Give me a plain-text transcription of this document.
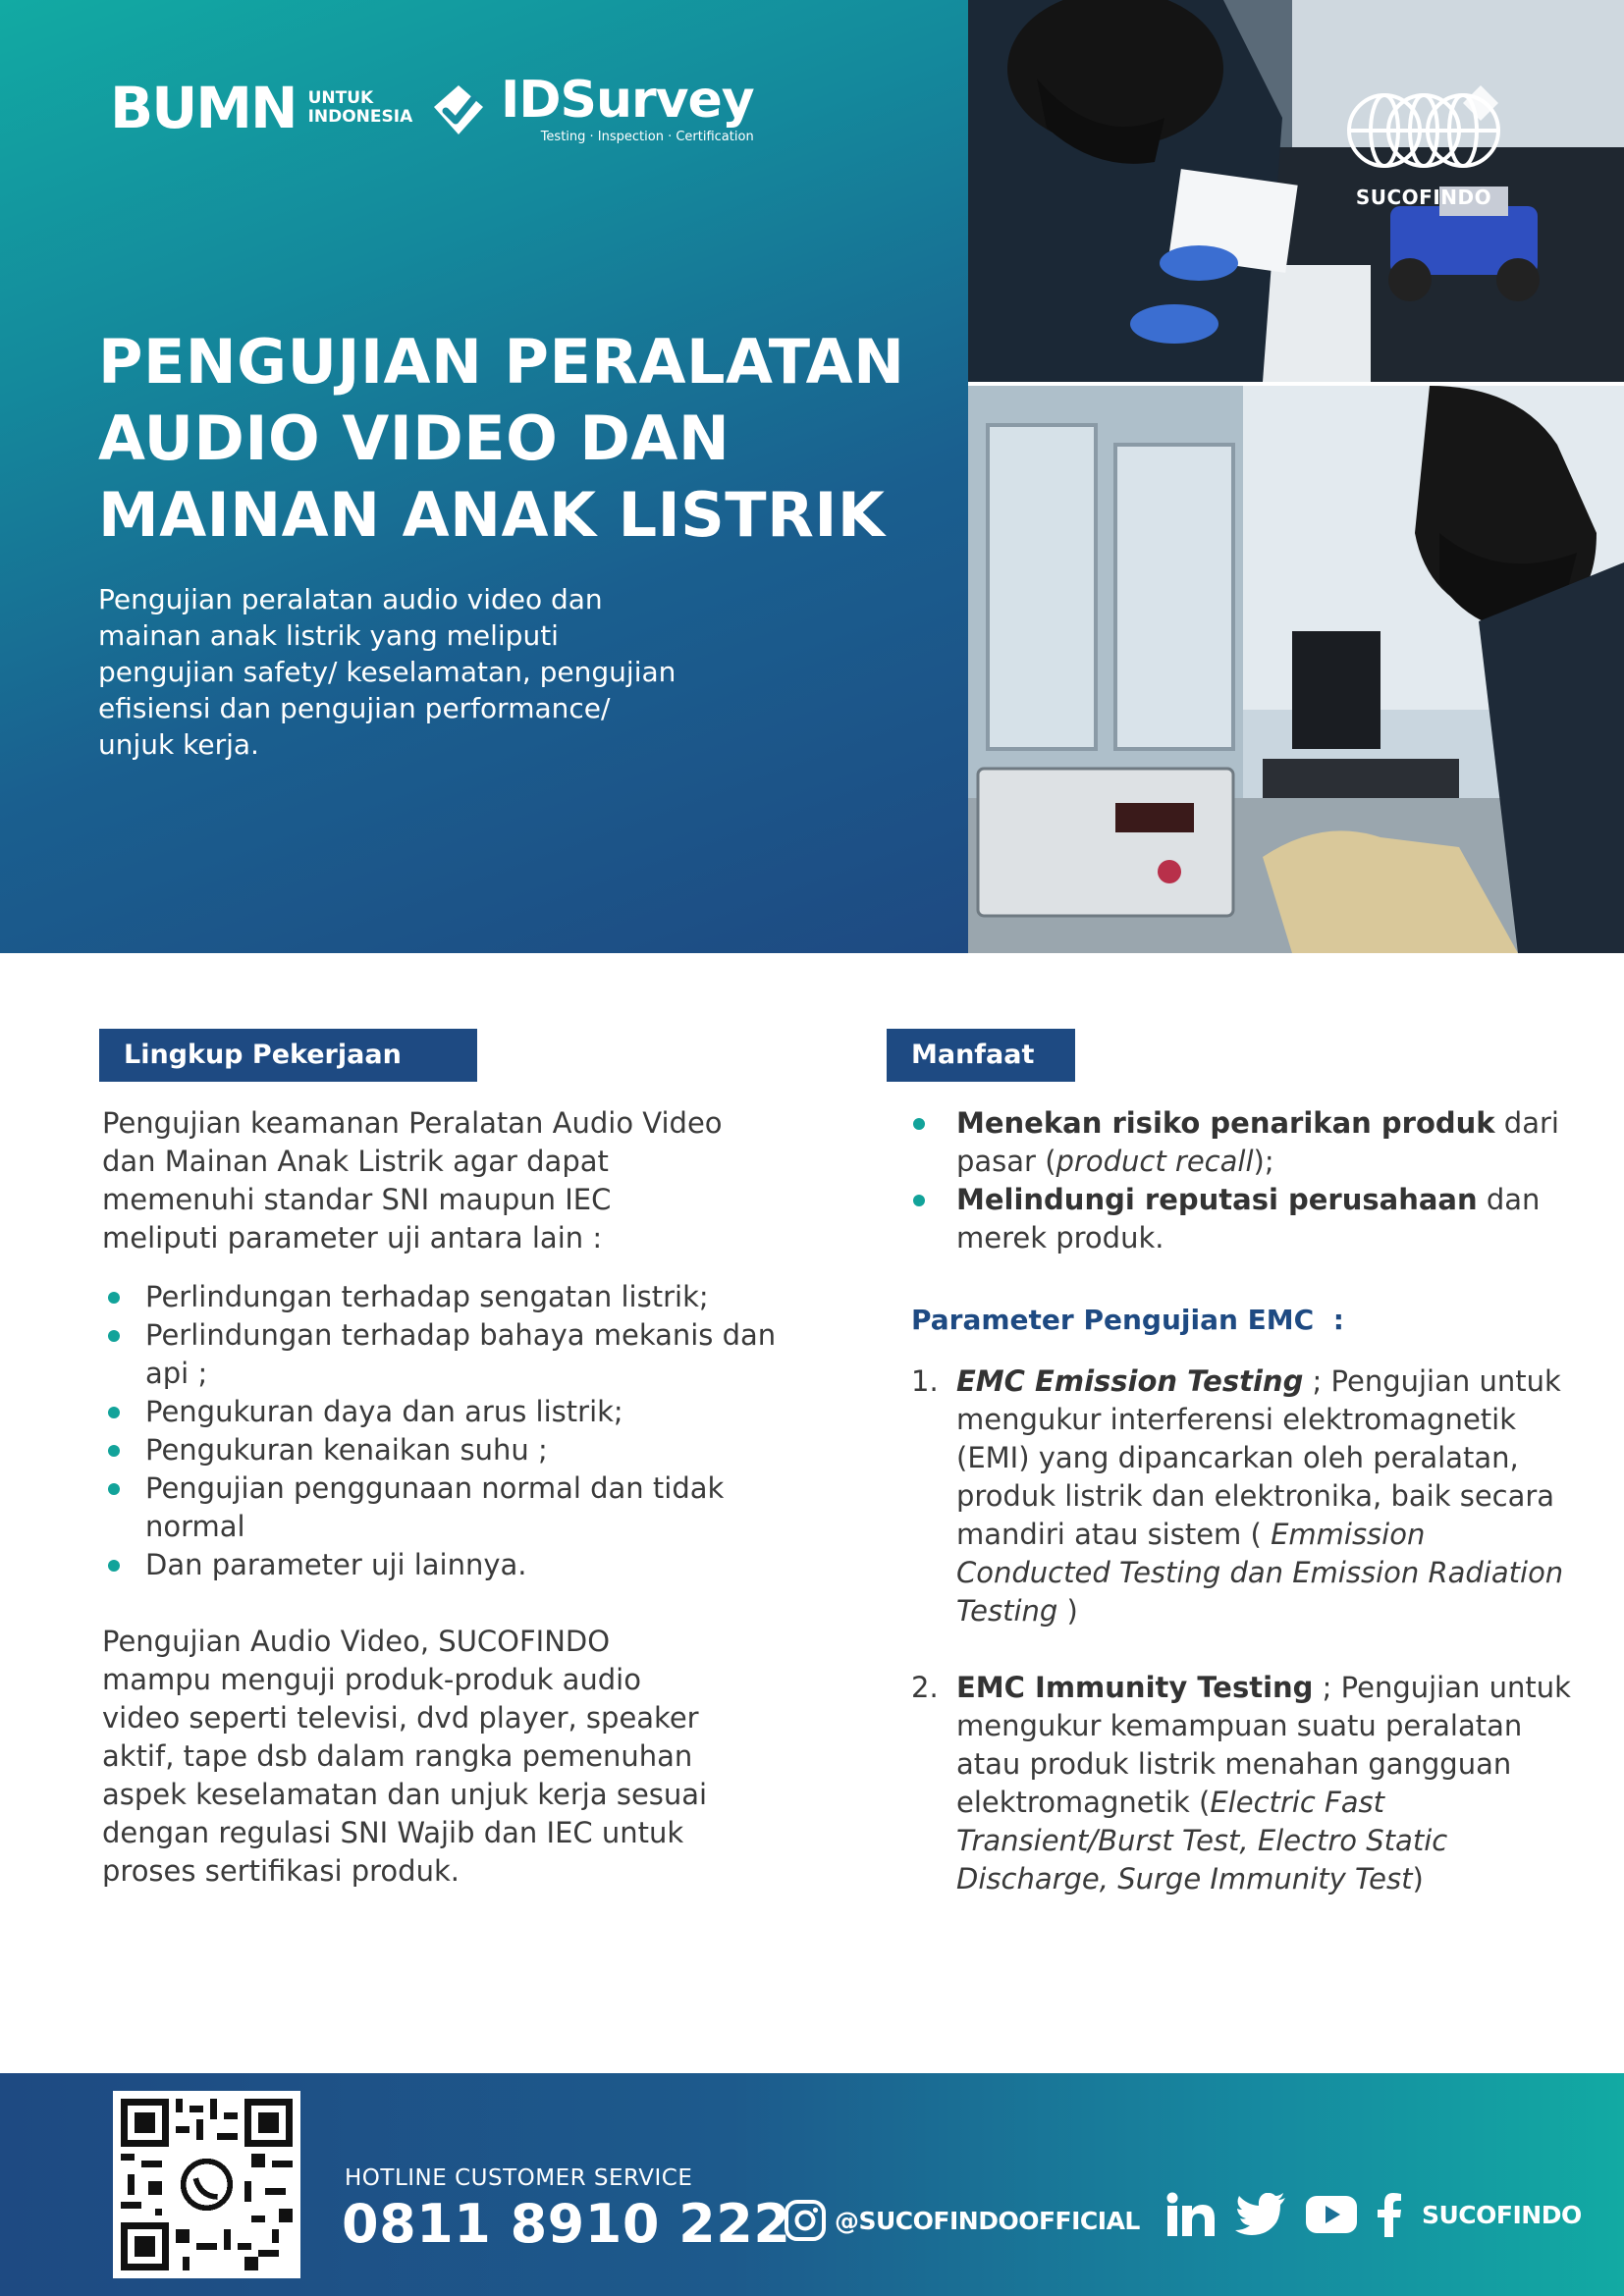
BUMN UNTUK
INDONESIA IDSurvey
Testing · Inspection · Certification
PENGUJIAN PERALATAN
AUDIO VIDEO DAN
MAINAN ANAK LISTRIK
Pengujian peralatan audio video dan
mainan anak listrik yang meliputi
pengujian safety/ keselamatan, pengujian
efisiensi dan pengujian performance/
unjuk kerja.
SUCOFINDO
Lingkup Pekerjaan
Pengujian keamanan Peralatan Audio Video
dan Mainan Anak Listrik agar dapat
memenuhi standar SNI maupun IEC
meliputi parameter uji antara lain :
Perlindungan terhadap sengatan listrik;
Perlindungan terhadap bahaya mekanis dan api ;
Pengukuran daya dan arus listrik;
Pengukuran kenaikan suhu ;
Pengujian penggunaan normal dan tidak normal
Dan parameter uji lainnya.
Pengujian Audio Video, SUCOFINDO
mampu menguji produk-produk audio
video seperti televisi, dvd player, speaker
aktif, tape dsb dalam rangka pemenuhan
aspek keselamatan dan unjuk kerja sesuai
dengan regulasi SNI Wajib dan IEC untuk
proses sertifikasi produk.
Manfaat
Menekan risiko penarikan produk dari pasar (product recall);
Melindungi reputasi perusahaan dan merek produk.
Parameter Pengujian EMC  :
1. EMC Emission Testing ; Pengujian untuk mengukur interferensi elektromagnetik (EMI) yang dipancarkan oleh peralatan, produk listrik dan elektronika, baik secara mandiri atau sistem ( Emmission Conducted Testing dan Emission Radiation Testing )
2. EMC Immunity Testing ; Pengujian untuk mengukur kemampuan suatu peralatan atau produk listrik menahan gangguan elektromagnetik (Electric Fast Transient/Burst Test, Electro Static Discharge, Surge Immunity Test)
HOTLINE CUSTOMER SERVICE
0811 8910 222 @SUCOFINDOOFFICIAL	SUCOFINDO
